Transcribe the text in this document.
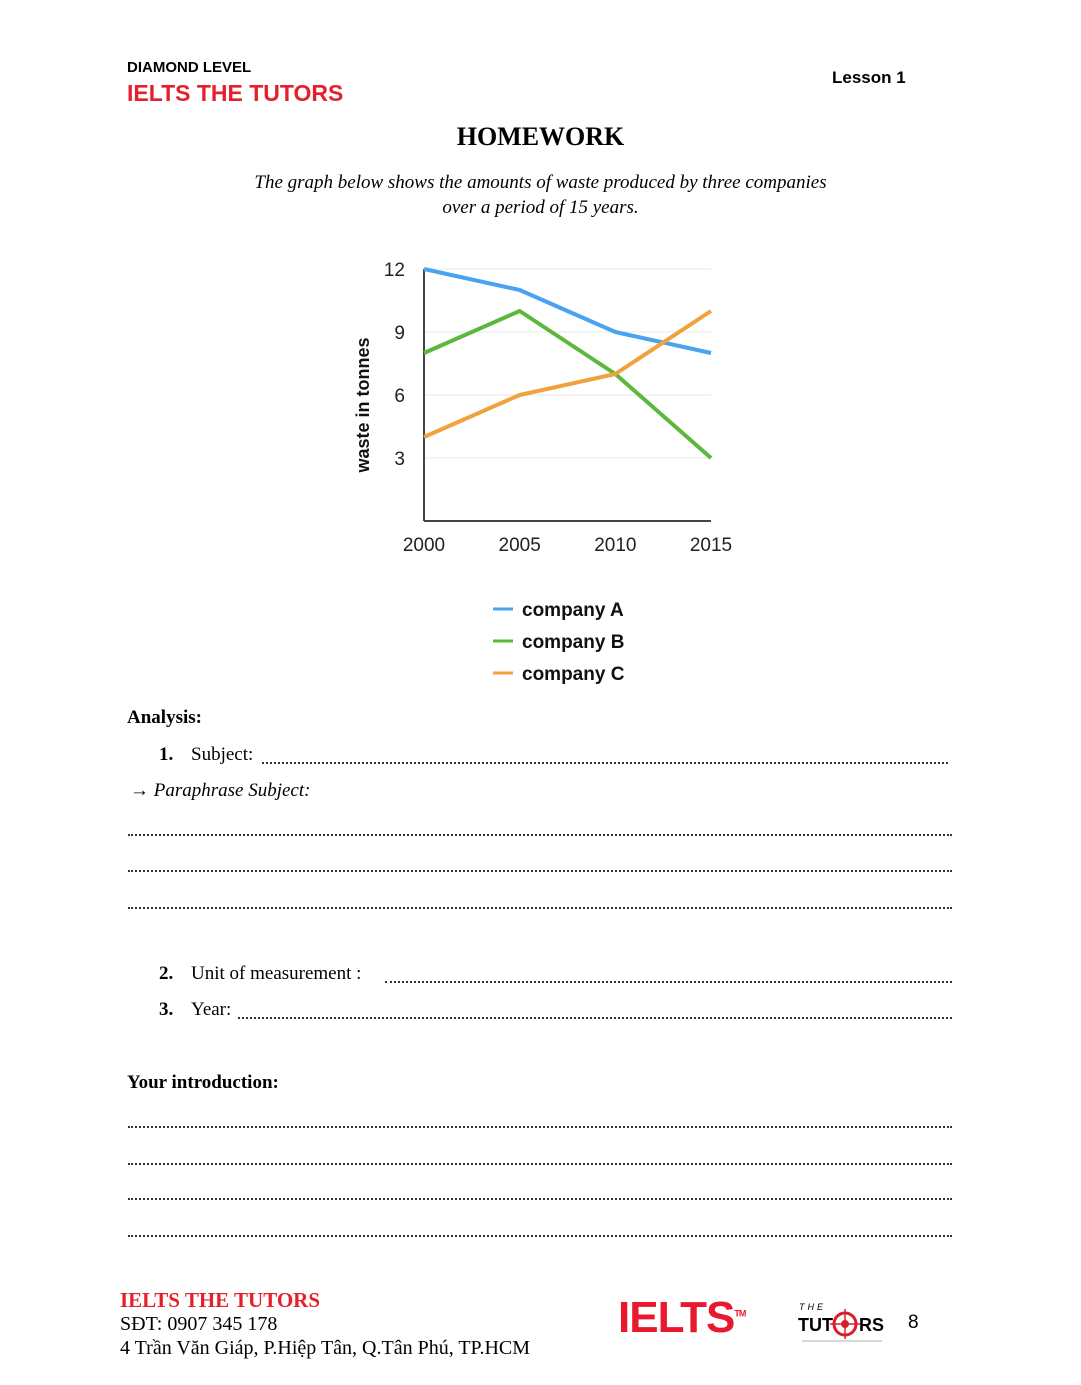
DIAMOND LEVEL
IELTS THE TUTORS
Lesson 1
HOMEWORK
The graph below shows the amounts of waste produced by three companies
over a period of 15 years.
3
6
9
12
2000	2005	2010	2015
waste in tonnes
company A
company B
company C
Analysis:
1. Subject:
→ Paraphrase Subject:
2. Unit of measurement :
3. Year:
Your introduction:
IELTS THE TUTORS
SĐT: 0907 345 178
4 Trần Văn Giáp, P.Hiệp Tân, Q.Tân Phú, TP.HCM
IELTS™
THE
TUT RS 8
